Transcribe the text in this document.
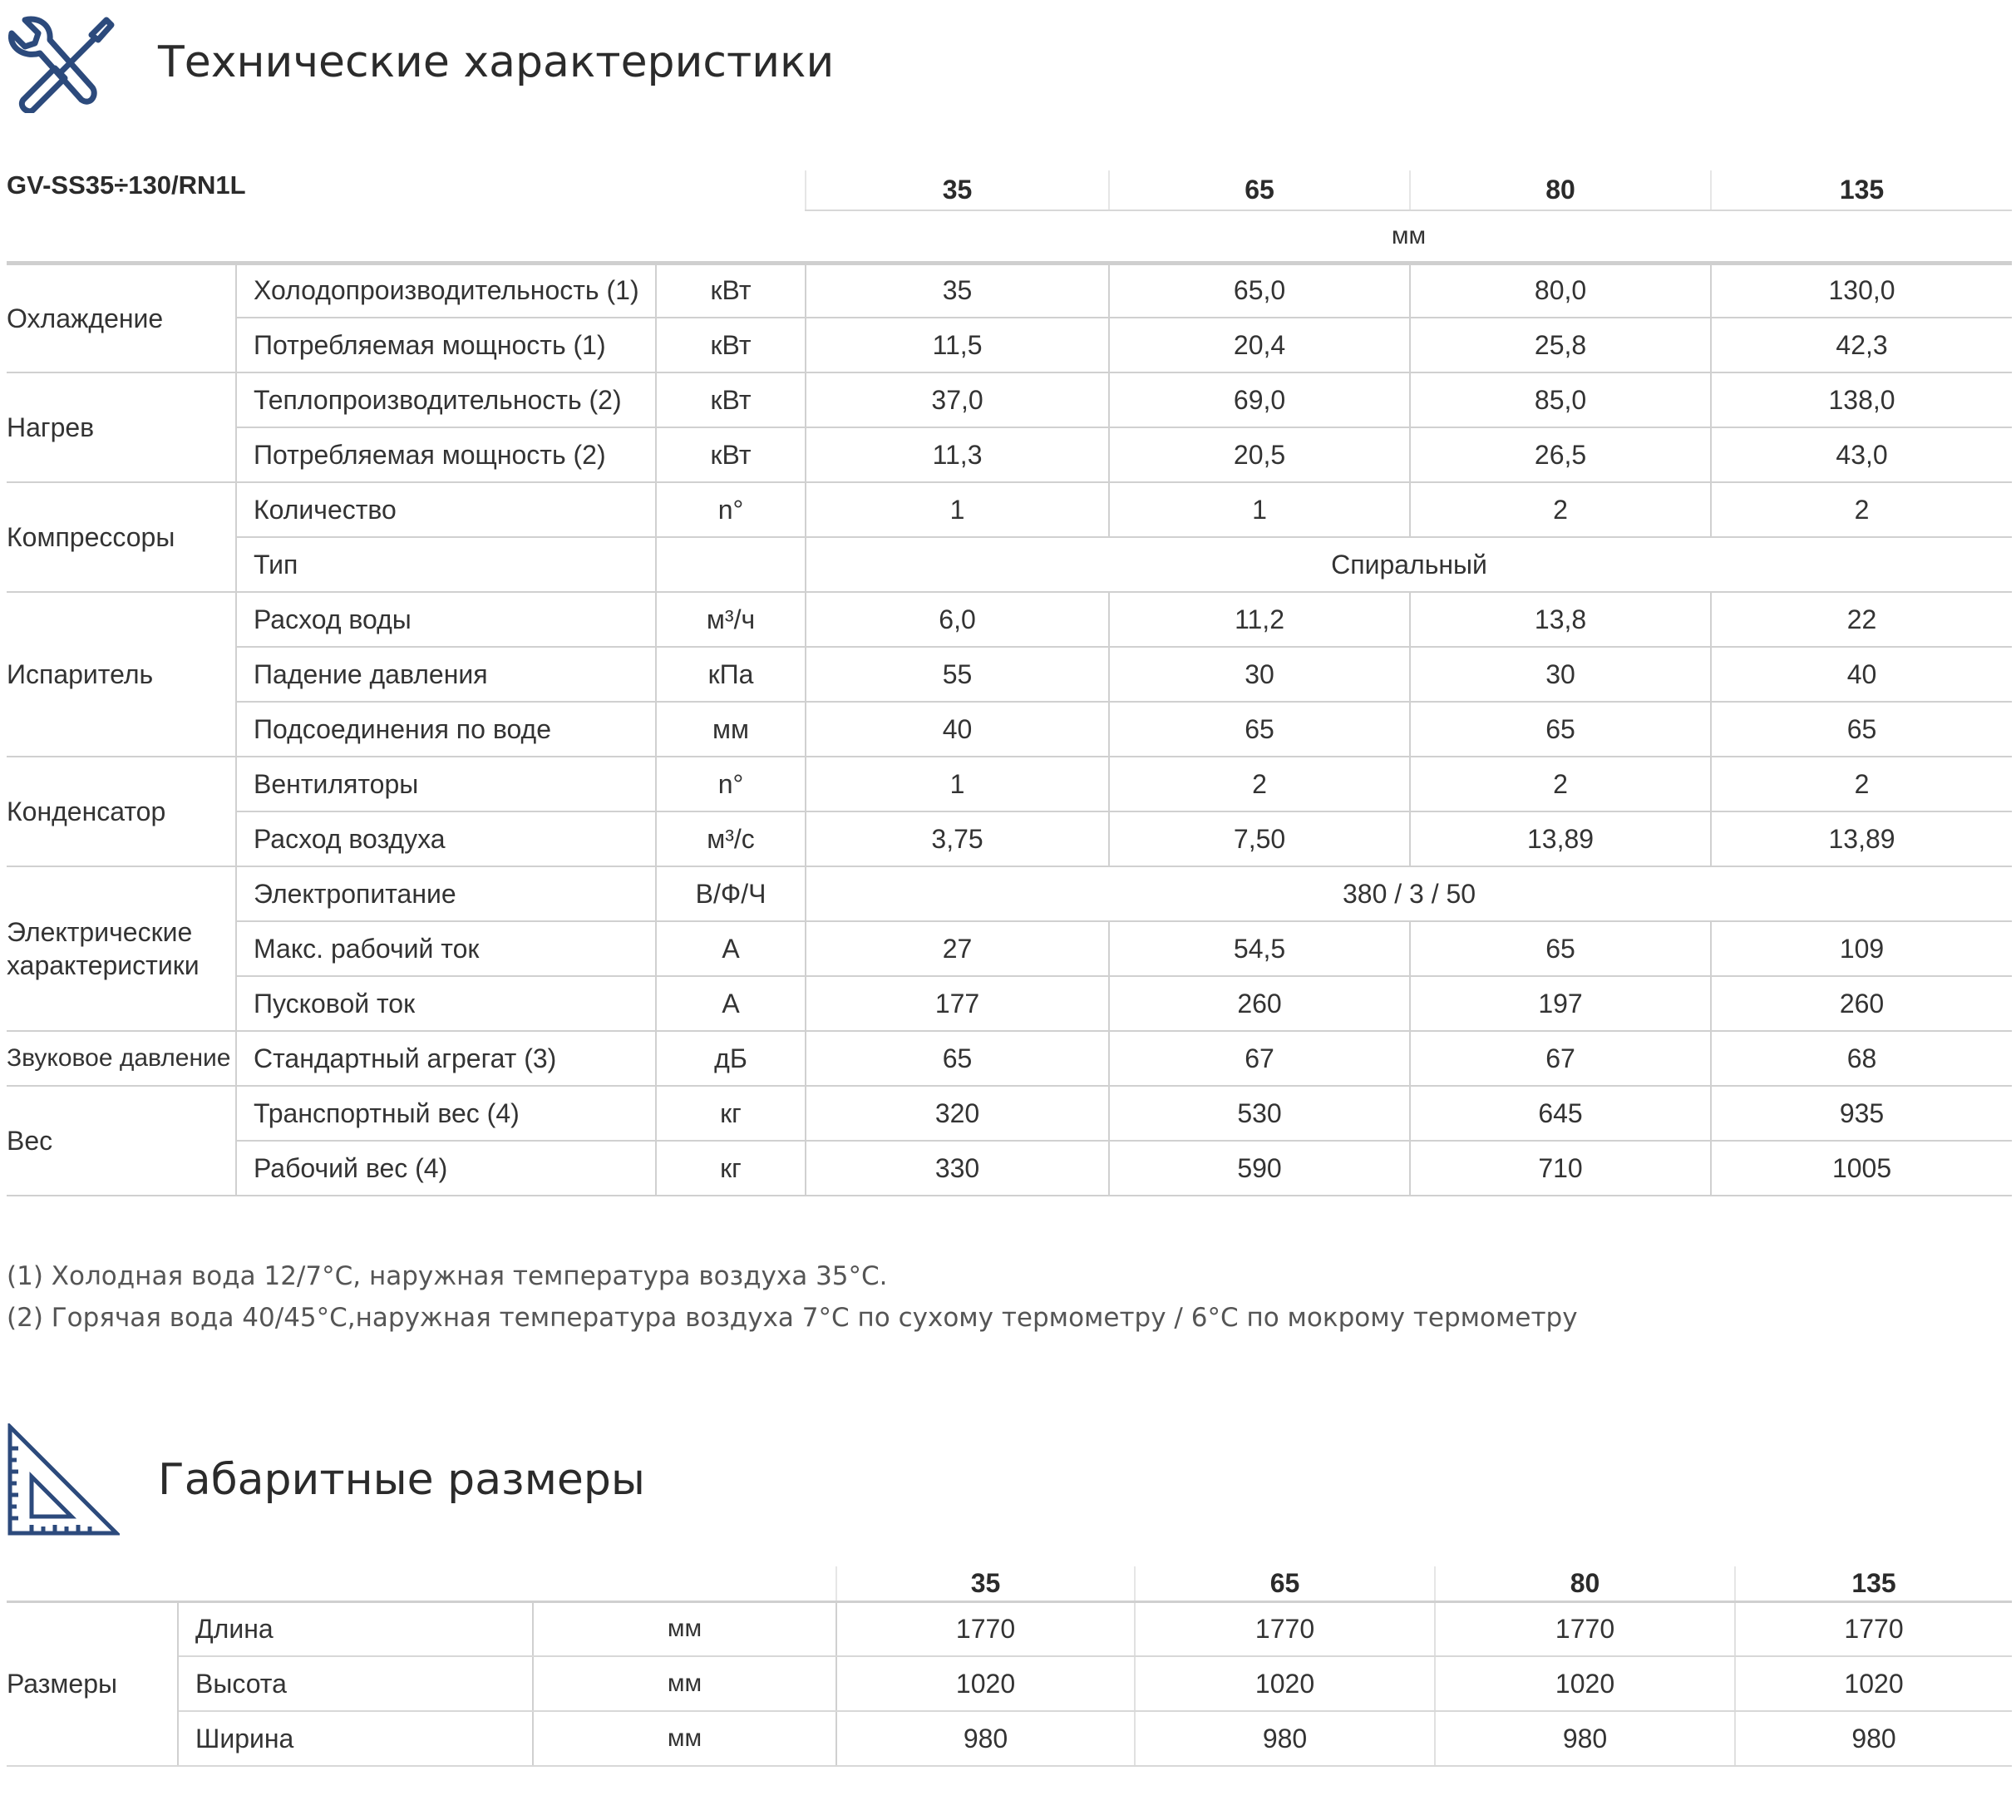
Технические характеристики
GV-SS35÷130/RN1L			35	65	80	135
			мм			
Охлаждение	Холодопроизводительность (1)	кВт	35	65,0	80,0	130,0
	Потребляемая мощность (1)	кВт	11,5	20,4	25,8	42,3
Нагрев	Теплопроизводительность (2)	кВт	37,0	69,0	85,0	138,0
	Потребляемая мощность (2)	кВт	11,3	20,5	26,5	43,0
Компрессоры	Количество	n°	1	1	2	2
	Тип		Спиральный			
Испаритель	Расход воды	м³/ч	6,0	11,2	13,8	22
	Падение давления	кПа	55	30	30	40
	Подсоединения по воде	мм	40	65	65	65
Конденсатор	Вентиляторы	n°	1	2	2	2
	Расход воздуха	м³/с	3,75	7,50	13,89	13,89
Электрические характеристики	Электропитание	В/Ф/Ч	380 / 3 / 50			
	Макс. рабочий ток	А	27	54,5	65	109
	Пусковой ток	А	177	260	197	260
Звуковое давление	Стандартный агрегат (3)	дБ	65	67	67	68
Вес	Транспортный вес (4)	кг	320	530	645	935
	Рабочий вес (4)	кг	330	590	710	1005
(1) Холодная вода 12/7°С, наружная температура воздуха 35°С.
(2) Горячая вода 40/45°С,наружная температура воздуха 7°С по сухому термометру / 6°С по мокрому термометру
Габаритные размеры
			35	65	80	135
Размеры	Длина	мм	1770	1770	1770	1770
	Высота	мм	1020	1020	1020	1020
	Ширина	мм	980	980	980	980
